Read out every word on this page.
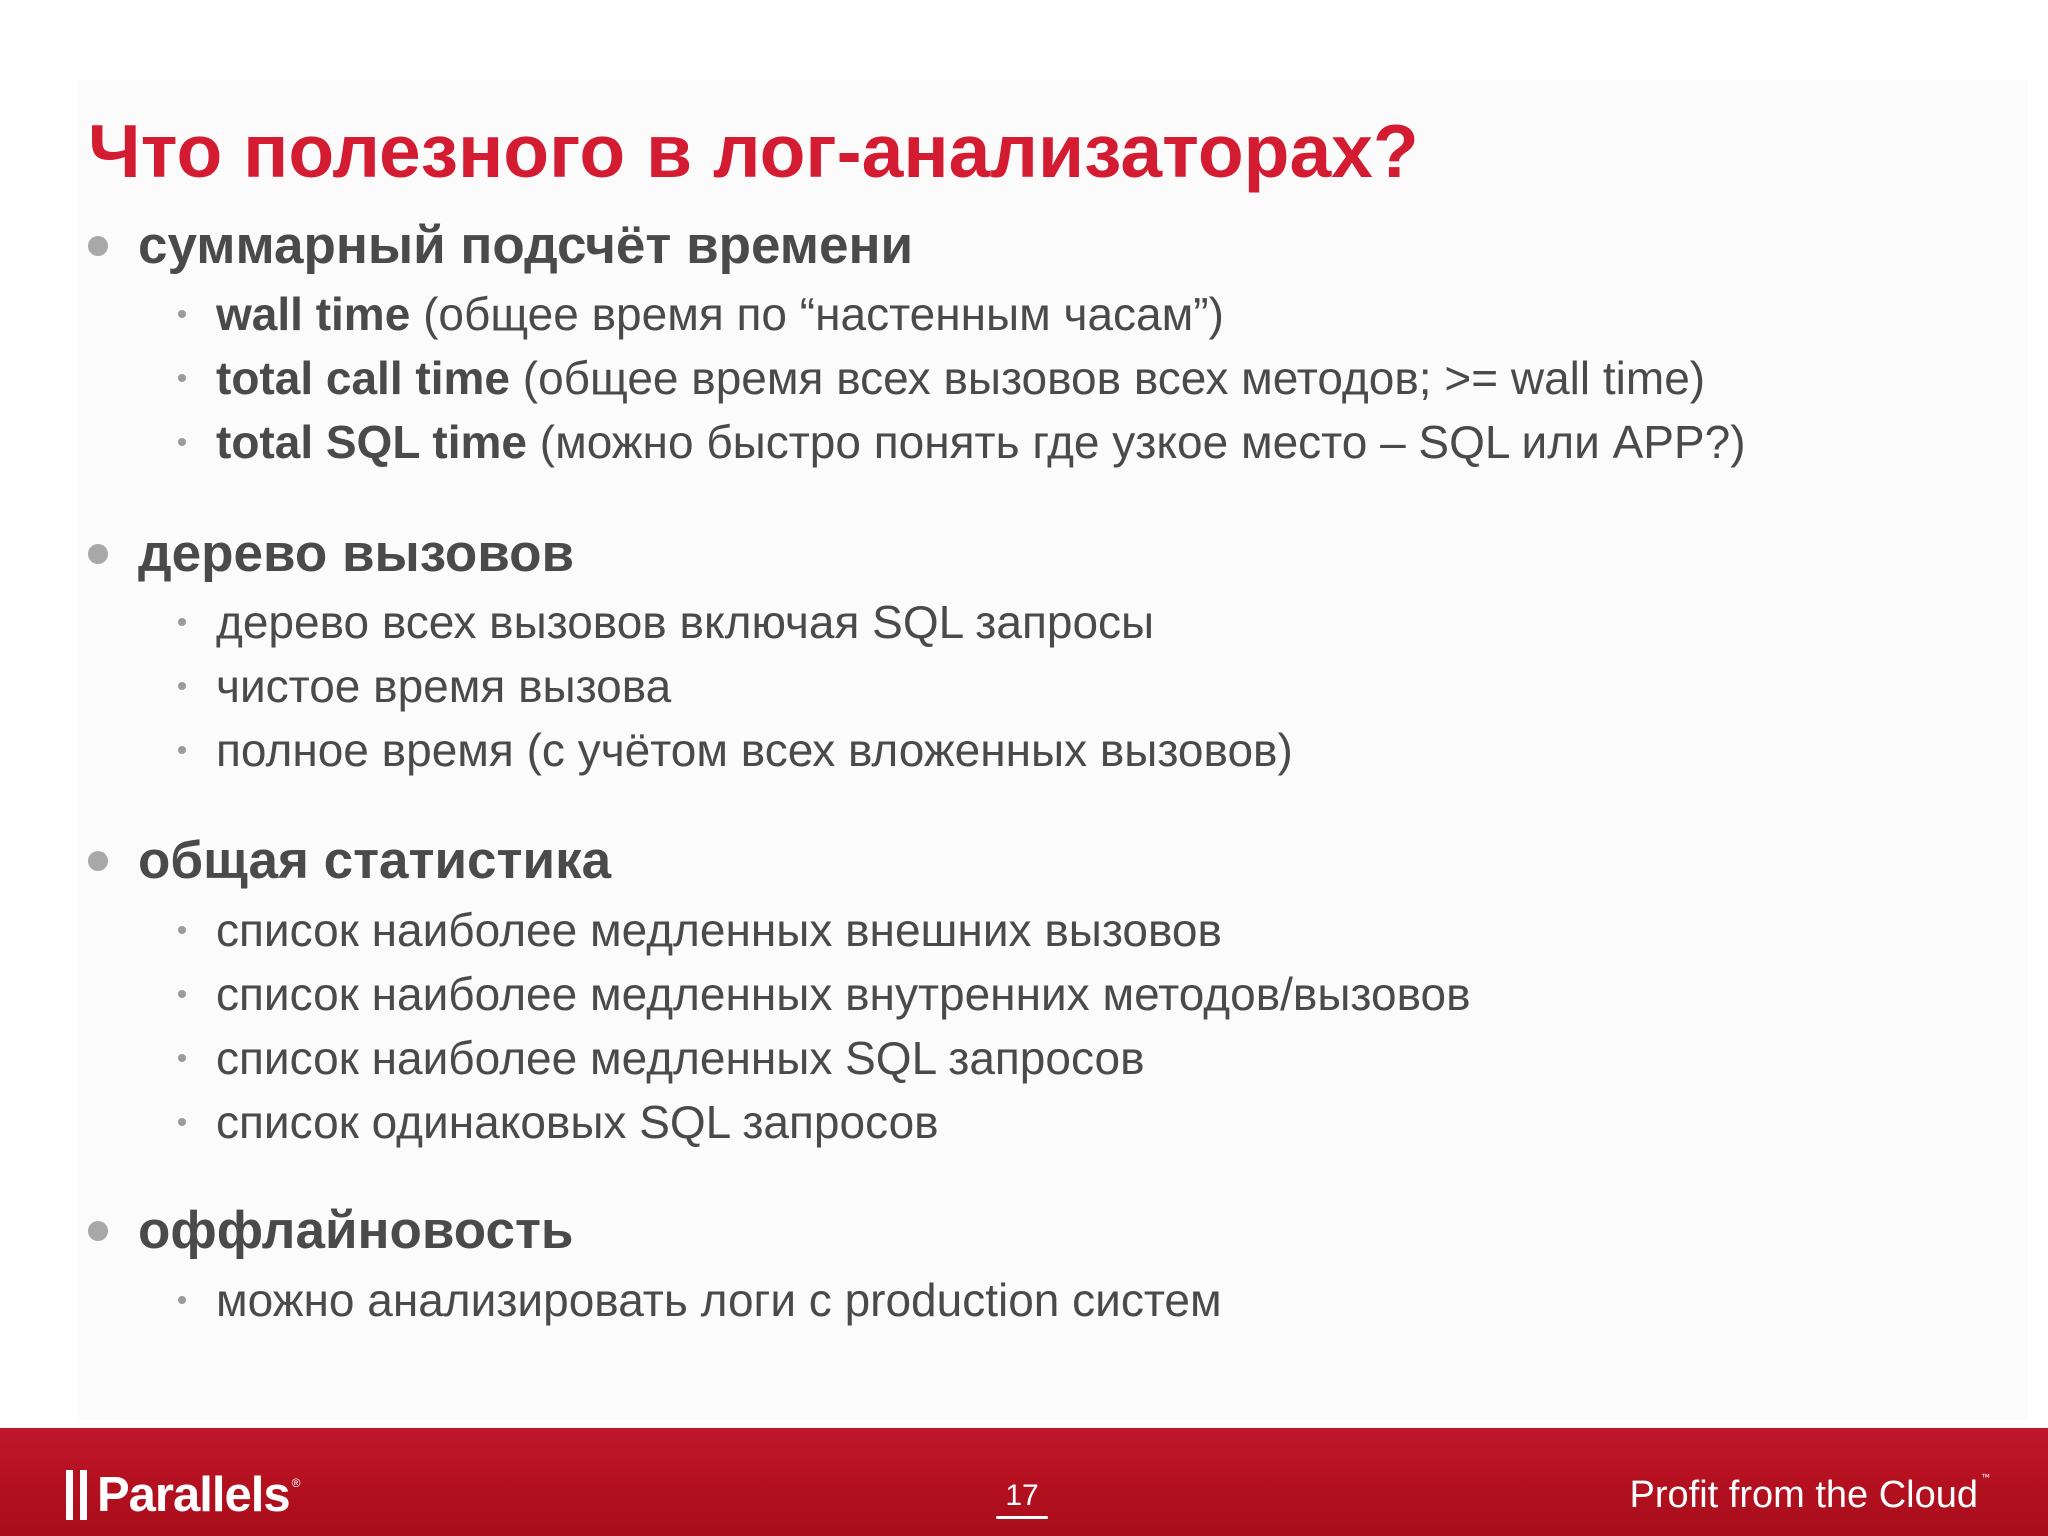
Что полезного в лог-анализаторах?
суммарный подсчёт времени
wall time (общее время по “настенным часам”)
total call time (общее время всех вызовов всех методов; >= wall time)
total SQL time (можно быстро понять где узкое место – SQL или APP?)
дерево вызовов
дерево всех вызовов включая SQL запросы
чистое время вызова
полное время (с учётом всех вложенных вызовов)
общая статистика
список наиболее медленных внешних вызовов
список наиболее медленных внутренних методов/вызовов
список наиболее медленных SQL запросов
список одинаковых SQL запросов
оффлайновость
можно анализировать логи с production систем
Parallels ®	17	Profit from the Cloud ™
